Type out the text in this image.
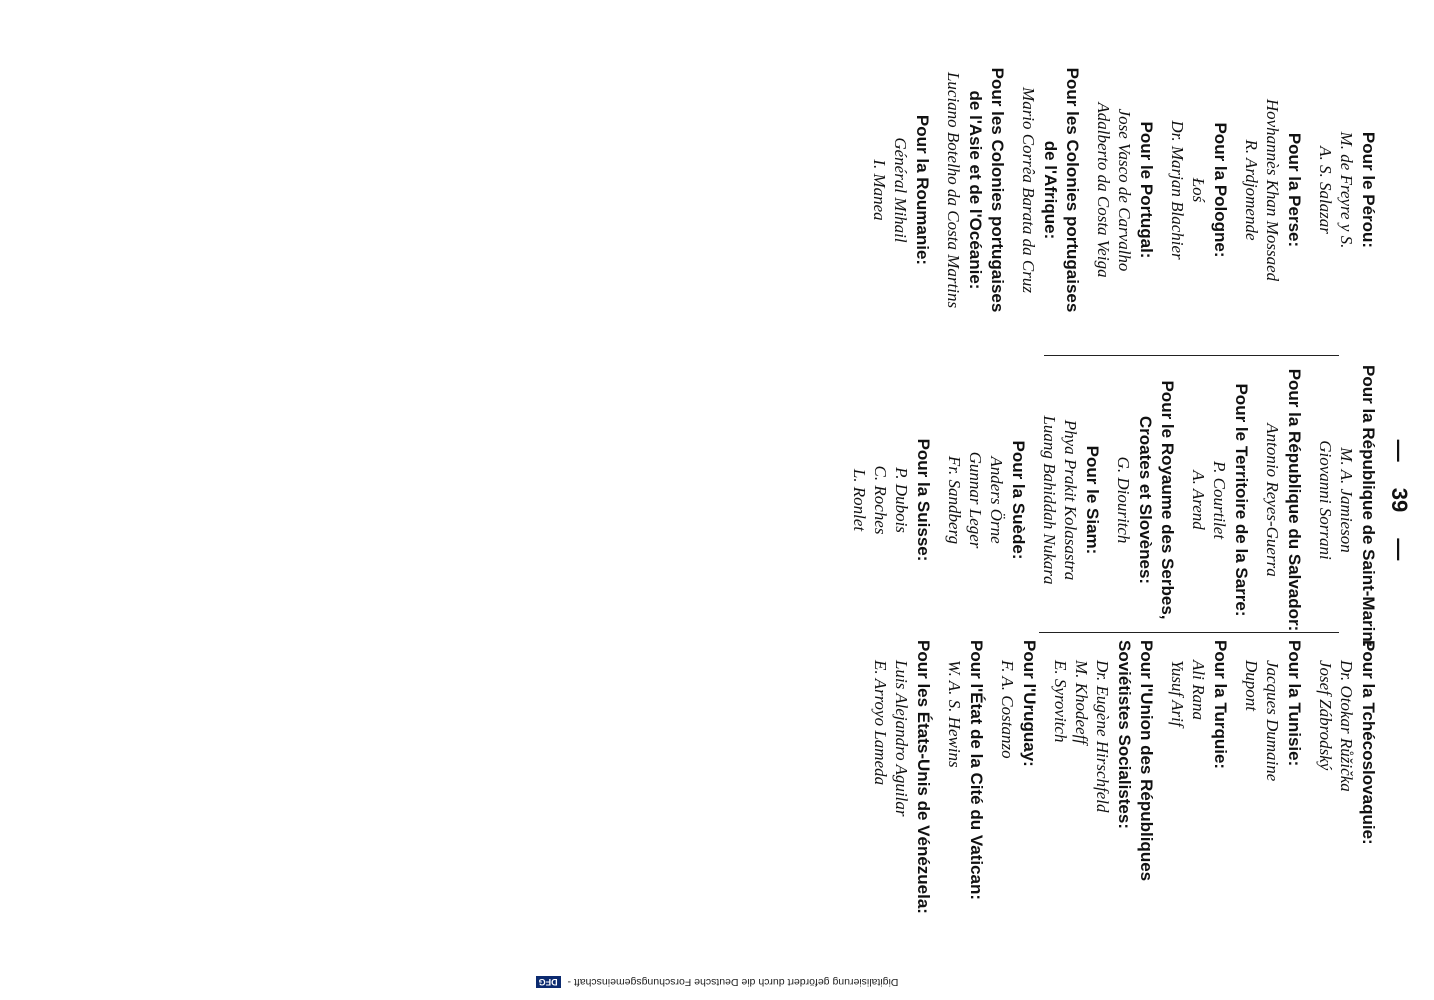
— 39 —
Pour le Pérou:
M. de Freyre y S.
A. S. Salazar
Pour la Perse:
Hovhannès Khan Mossaed
R. Ardjomende
Pour la Pologne:
Łoś
Dr. Marjan Blachier
Pour le Portugal:
Jose Vasco de Carvalho
Adalberto da Costa Veiga
Pour les Colonies portugaises
de l'Afrique:
Mario Corrêa Barata da Cruz
Pour les Colonies portugaises
de l'Asie et de l'Océanie:
Luciano Botelho da Costa Martins
Pour la Roumanie:
Général Mihail
I. Manea
Pour la République de Saint-Marin:
M. A. Jamieson
Giovanni Sorrani
Pour la République du Salvador:
Antonio Reyes-Guerra
Pour le Territoire de la Sarre:
P. Courtilet
A. Arend
Pour le Royaume des Serbes,
Croates et Slovènes:
G. Diouritch
Pour le Siam:
Phya Prakit Kolasastra
Luang Bahiddah Nukara
Pour la Suède:
Anders Örne
Gunnar Leger
Fr. Sandberg
Pour la Suisse:
P. Dubois
C. Roches
L. Ronlet
Pour la Tchécoslovaquie:
Dr. Otokar Růžička
Josef Zábrodský
Pour la Tunisie:
Jacques Dumaine
Dupont
Pour la Turquie:
Ali Rana
Yusuf Arif
Pour l'Union des Républiques
Soviétistes Socialistes:
Dr. Eugène Hirschfeld
M. Khodeeff
E. Syrovitch
Pour l'Uruguay:
F. A. Costanzo
Pour l'État de la Cité du Vatican:
W. A. S. Hewins
Pour les États-Unis de Vénézuela:
Luis Alejandro Aguilar
E. Arroyo Lameda
Digitalisierung gefördert durch die Deutsche Forschungsgemeinschaft - DFG
